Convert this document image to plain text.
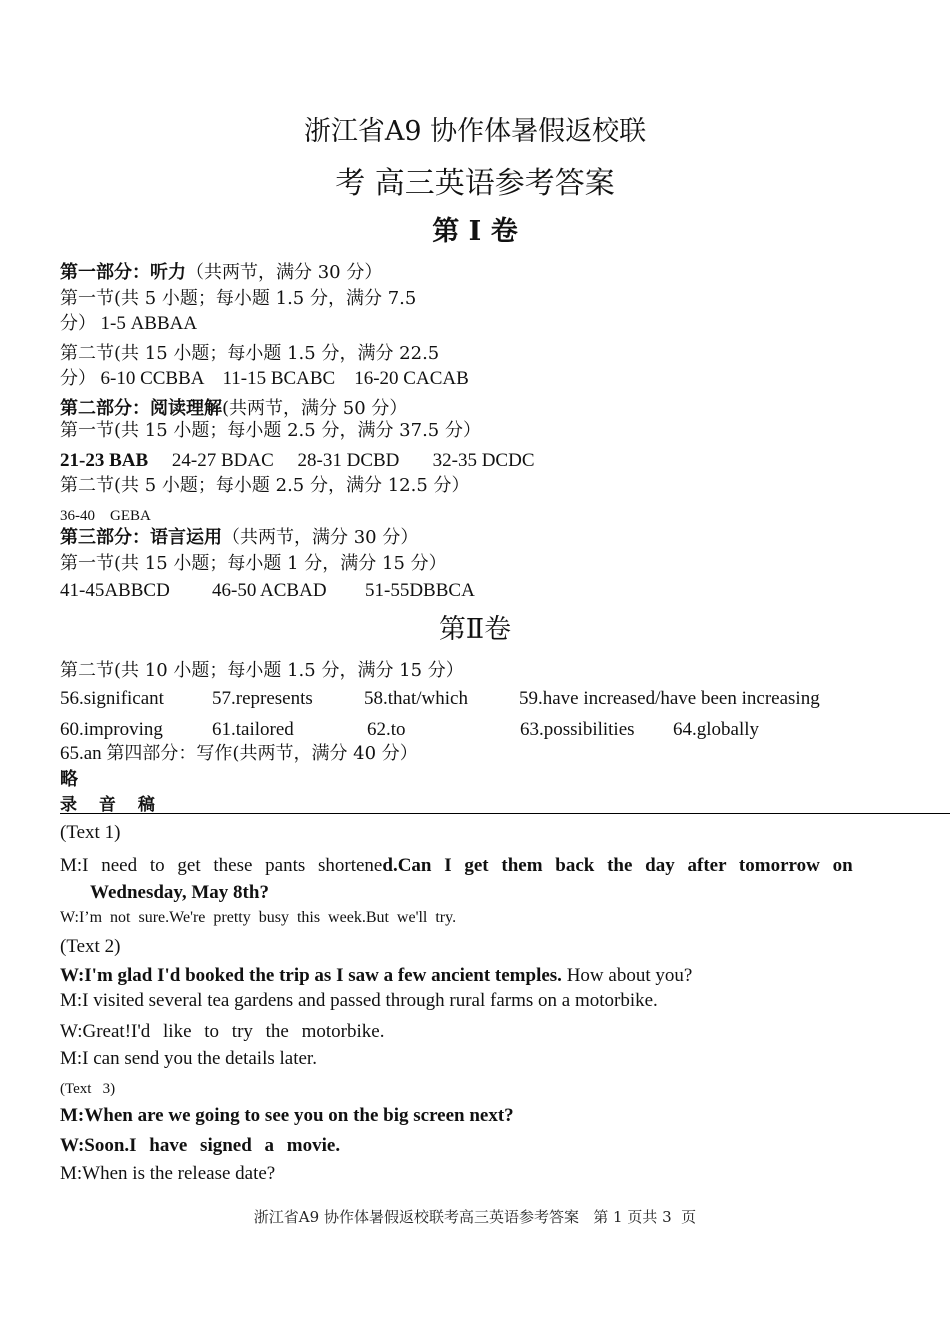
浙江省A9 协作体暑假返校联
考 高三英语参考答案
第 I 卷
第一部分：听力（共两节，满分 30 分）
第一节(共 5 小题；每小题 1.5 分，满分 7.5
分） 1-5 ABBAA
第二节(共 15 小题；每小题 1.5 分，满分 22.5
分） 6-10 CCBBA    11-15 BCABC    16-20 CACAB
第二部分：阅读理解(共两节，满分 50 分）
第一节(共 15 小题；每小题 2.5 分，满分 37.5 分）
21-23 BAB 24-27 BDAC     28-31 DCBD       32-35 DCDC
第二节(共 5 小题；每小题 2.5 分，满分 12.5 分）
36-40    GEBA
第三部分：语言运用（共两节，满分 30 分）
第一节(共 15 小题；每小题 1 分，满分 15 分）
41-45ABBCD 46-50 ACBAD 51-55DBBCA
第Ⅱ卷
第二节(共 10 小题；每小题 1.5 分，满分 15 分）
56.significant	57.represents	58.that/which	59.have increased/have been increasing
60.improving	61.tailored	62.to	63.possibilities 64.globally
65.an 第四部分：写作(共两节，满分 40 分）
略
录 音 稿
(Text 1)
M:I need to get these pants shortened.Can I get them back the day after tomorrow on
Wednesday, May 8th?
W:I’m  not  sure.We're  pretty  busy  this  week.But  we'll  try.
(Text 2)
W:I'm glad I'd booked the trip as I saw a few ancient temples. How about you?
M:I visited several tea gardens and passed through rural farms on a motorbike.
W:Great!I'd like to try the motorbike.
M:I can send you the details later.
(Text   3)
M:When are we going to see you on the big screen next?
W:Soon.I have signed a movie.
M:When is the release date?
浙江省A9 协作体暑假返校联考高三英语参考答案   第 1 页共 3  页
